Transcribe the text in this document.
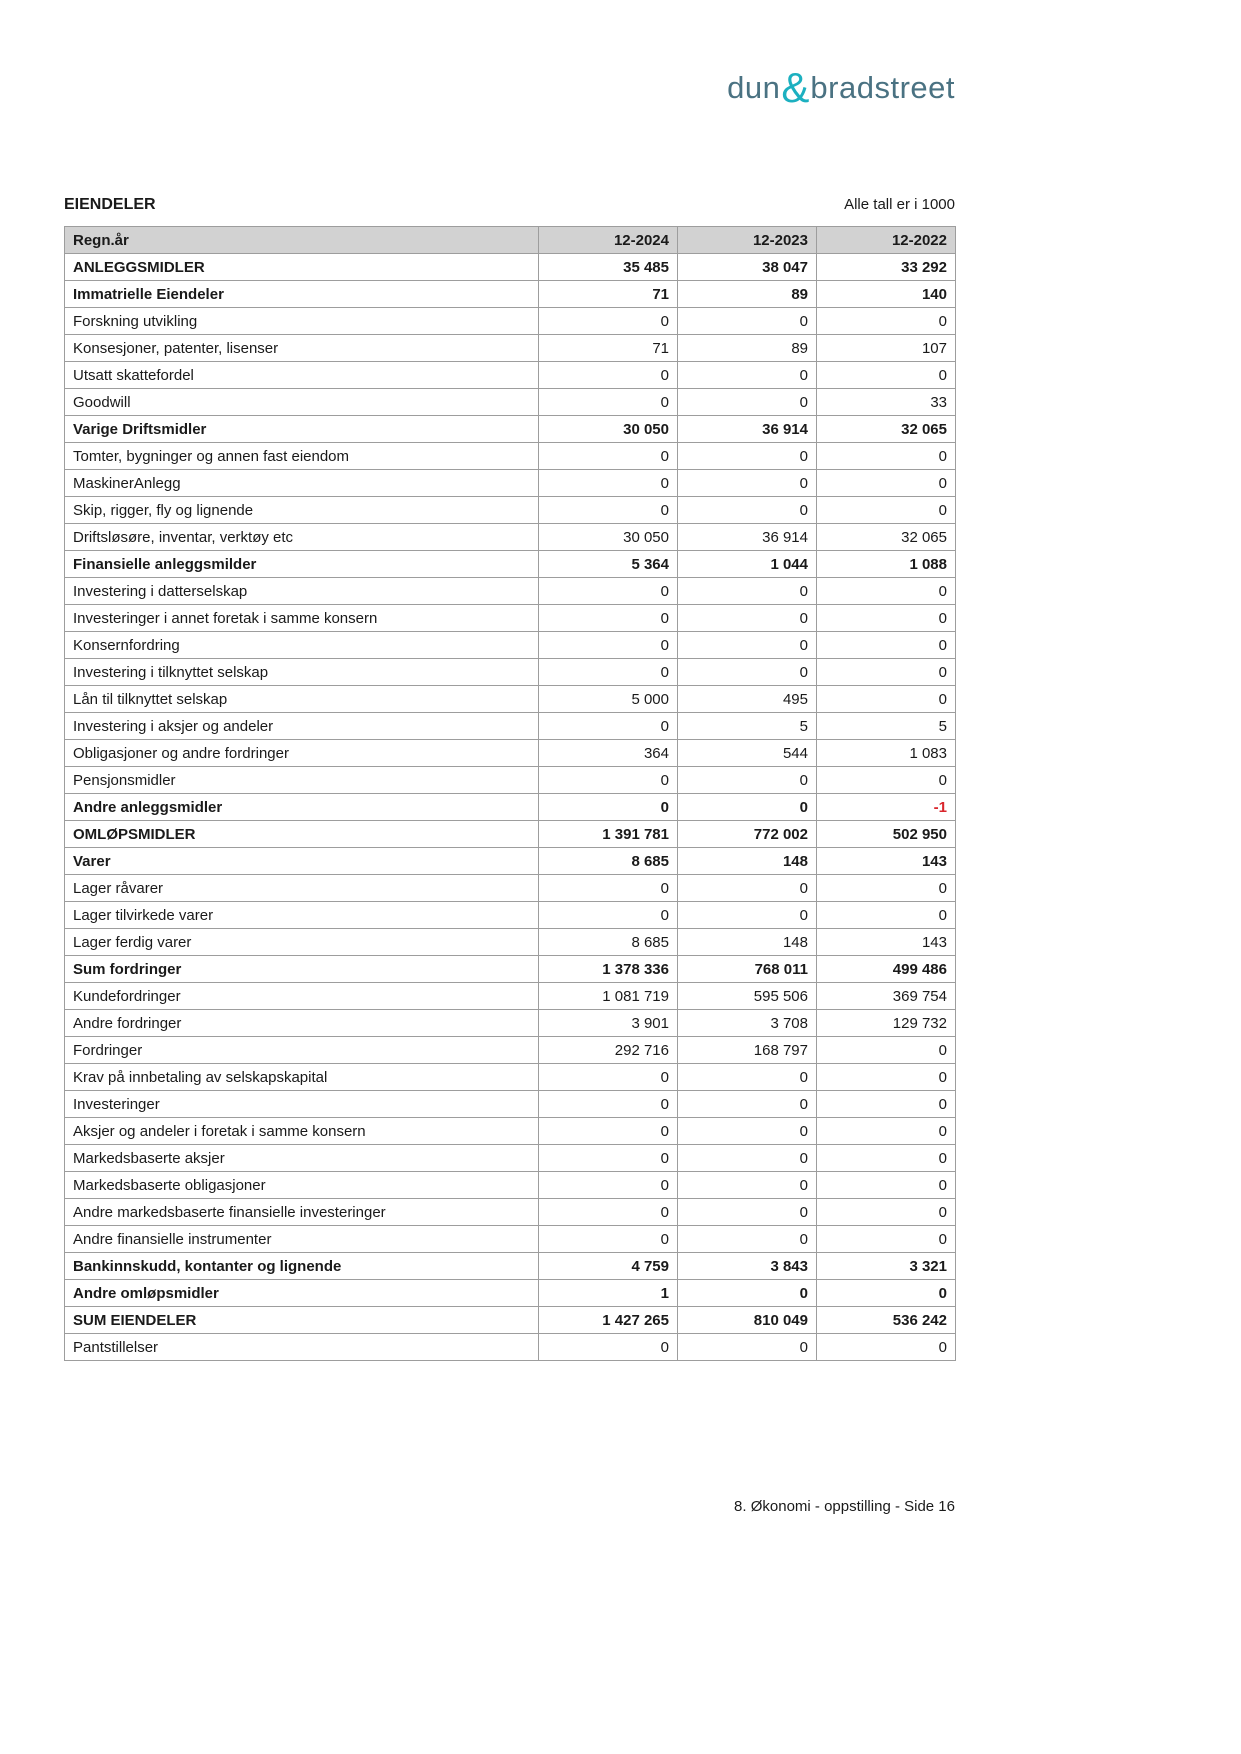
dun & bradstreet
EIENDELER	Alle tall er i 1000
Regn.år	12-2024	12-2023	12-2022
ANLEGGSMIDLER	35 485	38 047	33 292
Immatrielle Eiendeler	71	89	140
Forskning utvikling	0	0	0
Konsesjoner, patenter, lisenser	71	89	107
Utsatt skattefordel	0	0	0
Goodwill	0	0	33
Varige Driftsmidler	30 050	36 914	32 065
Tomter, bygninger og annen fast eiendom	0	0	0
MaskinerAnlegg	0	0	0
Skip, rigger, fly og lignende	0	0	0
Driftsløsøre, inventar, verktøy etc	30 050	36 914	32 065
Finansielle anleggsmilder	5 364	1 044	1 088
Investering i datterselskap	0	0	0
Investeringer i annet foretak i samme konsern	0	0	0
Konsernfordring	0	0	0
Investering i tilknyttet selskap	0	0	0
Lån til tilknyttet selskap	5 000	495	0
Investering i aksjer og andeler	0	5	5
Obligasjoner og andre fordringer	364	544	1 083
Pensjonsmidler	0	0	0
Andre anleggsmidler	0	0	-1
OMLØPSMIDLER	1 391 781	772 002	502 950
Varer	8 685	148	143
Lager råvarer	0	0	0
Lager tilvirkede varer	0	0	0
Lager ferdig varer	8 685	148	143
Sum fordringer	1 378 336	768 011	499 486
Kundefordringer	1 081 719	595 506	369 754
Andre fordringer	3 901	3 708	129 732
Fordringer	292 716	168 797	0
Krav på innbetaling av selskapskapital	0	0	0
Investeringer	0	0	0
Aksjer og andeler i foretak i samme konsern	0	0	0
Markedsbaserte aksjer	0	0	0
Markedsbaserte obligasjoner	0	0	0
Andre markedsbaserte finansielle investeringer	0	0	0
Andre finansielle instrumenter	0	0	0
Bankinnskudd, kontanter og lignende	4 759	3 843	3 321
Andre omløpsmidler	1	0	0
SUM EIENDELER	1 427 265	810 049	536 242
Pantstillelser	0	0	0
8. Økonomi - oppstilling - Side 16
